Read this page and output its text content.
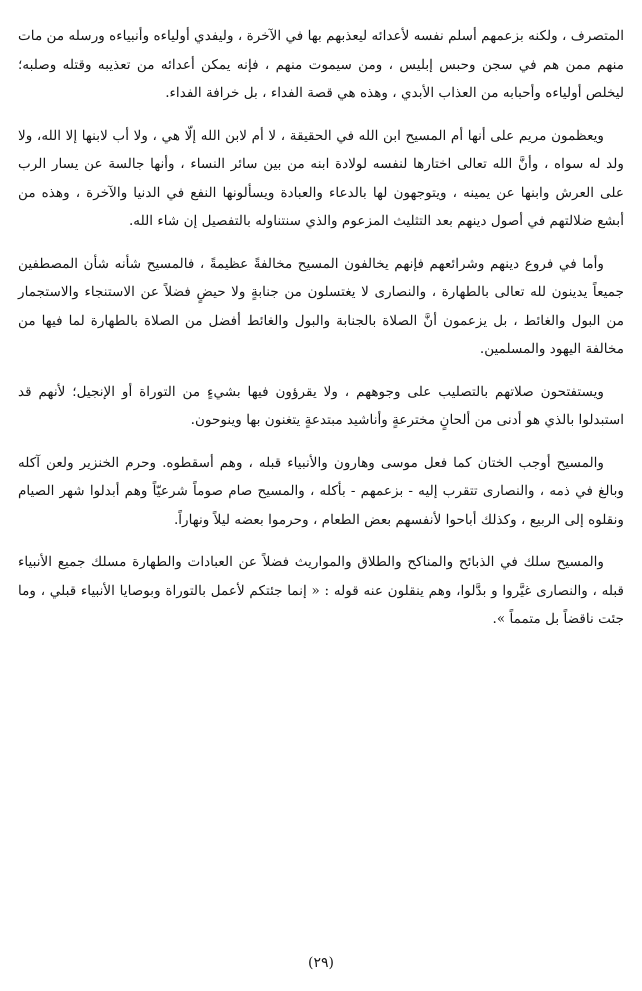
المتصرف ، ولكنه بزعمهم أسلم نفسه لأعدائه ليعذبهم بها في الآخرة ، وليفدي أولياءه وأنبياءه ورسله من مات منهم ممن هم في سجن وحبس إبليس ، ومن سيموت منهم ، فإنه يمكن أعدائه من تعذيبه وقتله وصلبه؛ ليخلص أولياءه وأحبابه من العذاب الأبدي ، وهذه هي قصة الفداء ، بل خرافة الفداء.

ويعظمون مريم على أنها أم المسيح ابن الله في الحقيقة ، لا أم لابن الله إلّا هي ، ولا أب لابنها إلا الله، ولا ولد له سواه ، وأنَّ الله تعالى اختارها لنفسه لولادة ابنه من بين سائر النساء ، وأنها جالسة عن يسار الرب على العرش وابنها عن يمينه ، ويتوجهون لها بالدعاء والعبادة ويسألونها النفع في الدنيا والآخرة ، وهذه من أبشع ضلالتهم في أصول دينهم بعد التثليث المزعوم والذي سنتناوله بالتفصيل إن شاء الله.

وأما في فروع دينهم وشرائعهم فإنهم يخالفون المسيح مخالفةً عظيمةً ، فالمسيح شأنه شأن المصطفين جميعاً يدينون لله تعالى بالطهارة ، والنصارى لا يغتسلون من جنابةٍ ولا حيضٍ فضلاً عن الاستنجاء والاستجمار من البول والغائط ، بل يزعمون أنَّ الصلاة بالجنابة والبول والغائط أفضل من الصلاة بالطهارة لما فيها من مخالفة اليهود والمسلمين.

ويستفتحون صلاتهم بالتصليب على وجوههم ، ولا يقرؤون فيها بشيءٍ من التوراة أو الإنجيل؛ لأنهم قد استبدلوا بالذي هو أدنى من ألحانٍ مخترعةٍ وأناشيد مبتدعةٍ يتغنون بها وينوحون.

والمسيح أوجب الختان كما فعل موسى وهارون والأنبياء قبله ، وهم أسقطوه. وحرم الخنزير ولعن آكله وبالغ في ذمه ، والنصارى تتقرب إليه - بزعمهم - بأكله ، والمسيح صام صوماً شرعيّاً وهم أبدلوا شهر الصيام ونقلوه إلى الربيع ، وكذلك أباحوا لأنفسهم بعض الطعام ، وحرموا بعضه ليلاً ونهاراً.

والمسيح سلك في الذبائح والمناكح والطلاق والمواريث فضلاً عن العبادات والطهارة مسلك جميع الأنبياء قبله ، والنصارى غيَّروا و بدَّلوا، وهم ينقلون عنه قوله : « إنما جئتكم لأعمل بالتوراة وبوصايا الأنبياء قبلي ، وما جئت ناقضاً بل متمماً ».

(٢٩)
